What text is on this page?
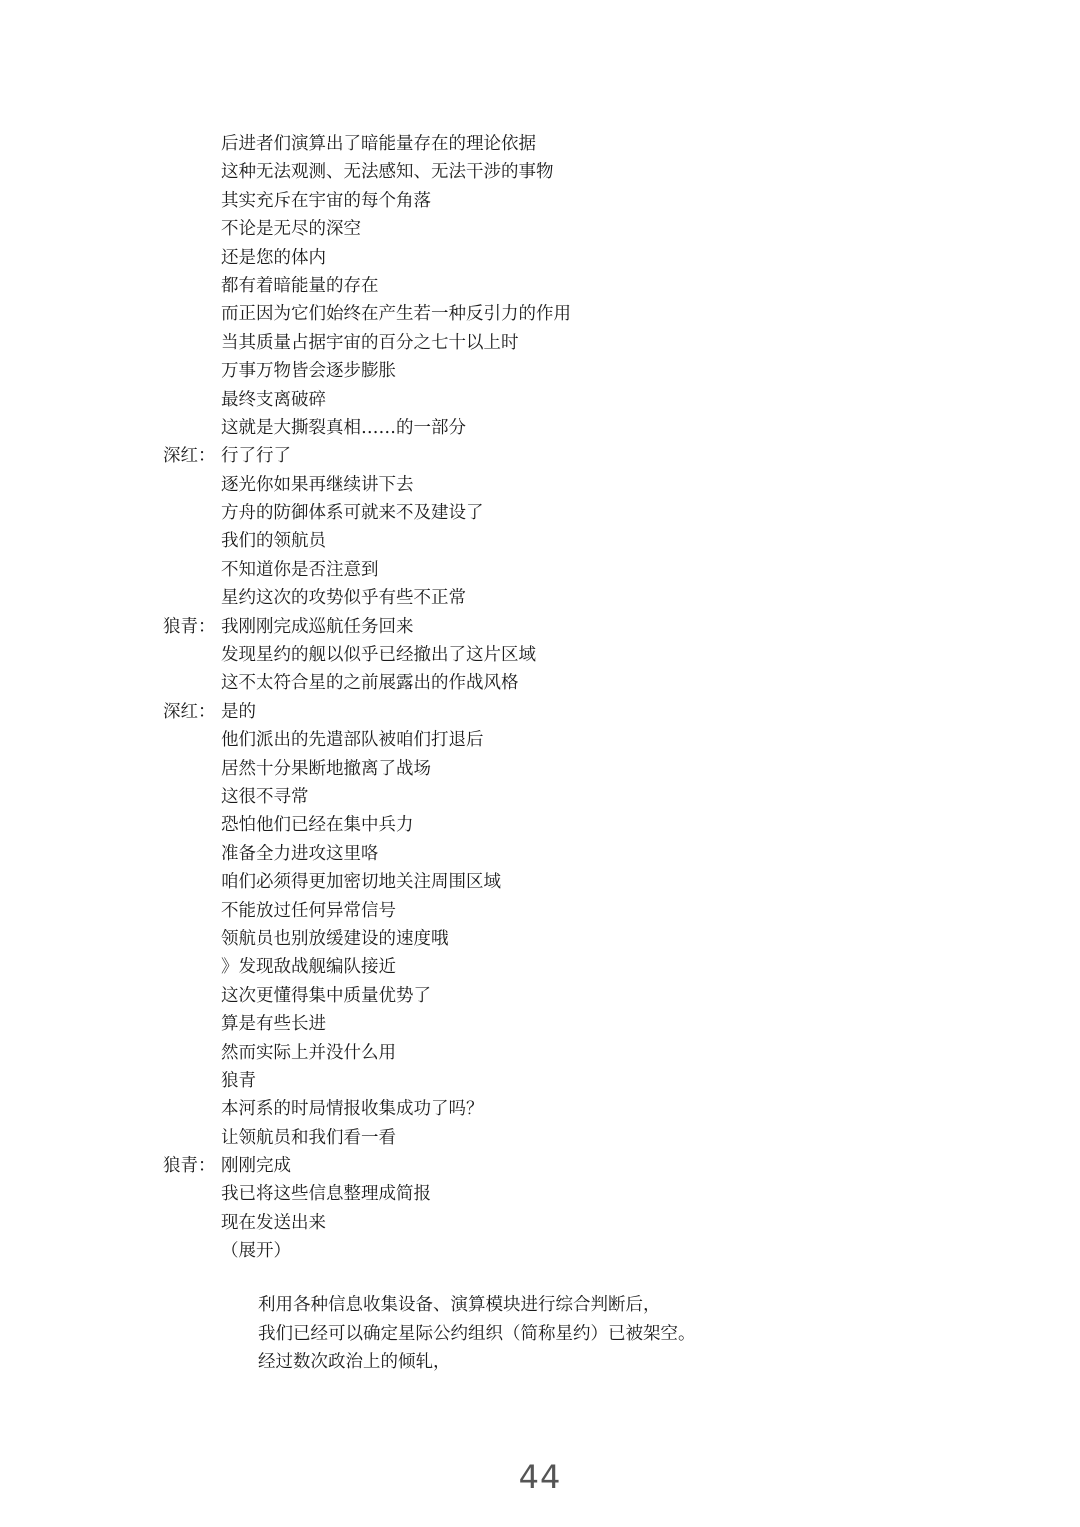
后进者们演算出了暗能量存在的理论依据
这种无法观测、无法感知、无法干涉的事物
其实充斥在宇宙的每个角落
不论是无尽的深空
还是您的体内
都有着暗能量的存在
而正因为它们始终在产生若一种反引力的作用
当其质量占据宇宙的百分之七十以上时
万事万物皆会逐步膨胀
最终支离破碎
这就是大撕裂真相……的一部分
深红： 行了行了
逐光你如果再继续讲下去
方舟的防御体系可就来不及建设了
我们的领航员
不知道你是否注意到
星约这次的攻势似乎有些不正常
狼青： 我刚刚完成巡航任务回来
发现星约的舰以似乎已经撤出了这片区域
这不太符合星的之前展露出的作战风格
深红： 是的
他们派出的先遣部队被咱们打退后
居然十分果断地撤离了战场
这很不寻常
恐怕他们已经在集中兵力
准备全力进攻这里咯
咱们必须得更加密切地关注周围区域
不能放过任何异常信号
领航员也别放缓建设的速度哦
》发现敌战舰编队接近
这次更懂得集中质量优势了
算是有些长进
然而实际上并没什么用
狼青
本河系的时局情报收集成功了吗？
让领航员和我们看一看
狼青： 刚刚完成
我已将这些信息整理成简报
现在发送出来
（展开）
利用各种信息收集设备、演算模块进行综合判断后，
我们已经可以确定星际公约组织（简称星约）已被架空。
经过数次政治上的倾轧，
44
